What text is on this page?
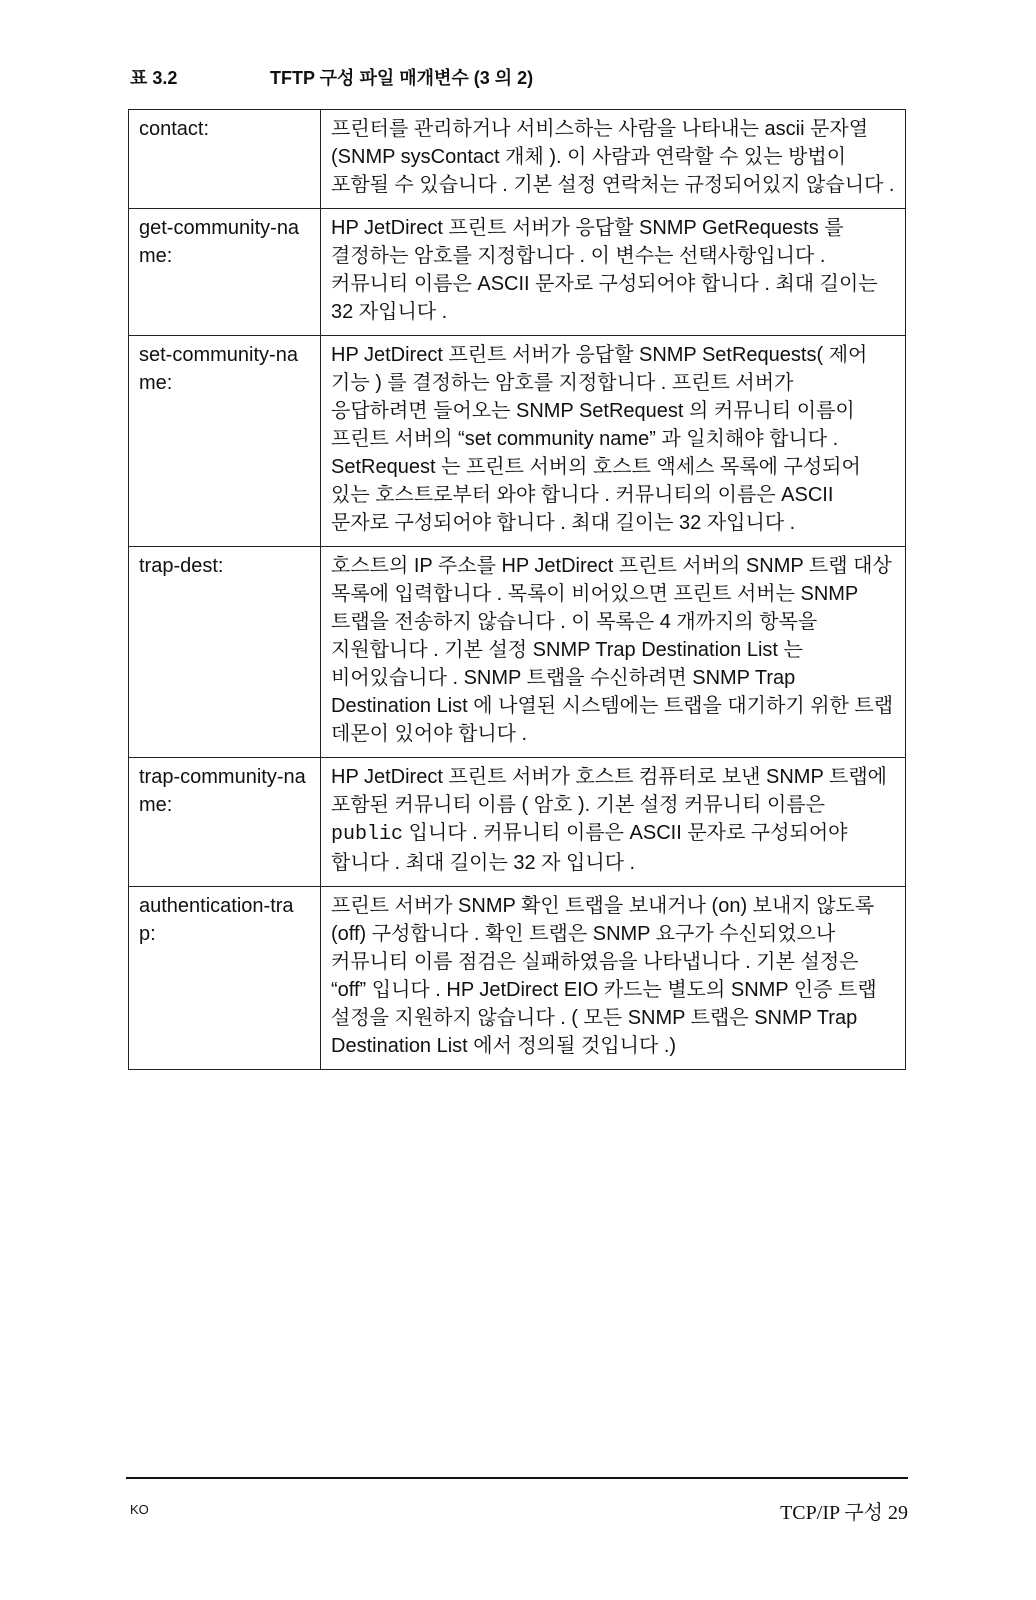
표 3.2	TFTP 구성 파일 매개변수 (3 의 2)
contact:	프린터를 관리하거나 서비스하는 사람을 나타내는 ascii 문자열 (SNMP sysContact 개체 ). 이 사람과 연락할 수 있는 방법이 포함될 수 있습니다 . 기본 설정 연락처는 규정되어있지 않습니다 .
get-community-name:	HP JetDirect 프린트 서버가 응답할 SNMP GetRequests 를 결정하는 암호를 지정합니다 . 이 변수는 선택사항입니다 . 커뮤니티 이름은 ASCII 문자로 구성되어야 합니다 . 최대 길이는 32 자입니다 .
set-community-name:	HP JetDirect 프린트 서버가 응답할 SNMP SetRequests( 제어 기능 ) 를 결정하는 암호를 지정합니다 . 프린트 서버가 응답하려면 들어오는 SNMP SetRequest 의 커뮤니티 이름이 프린트 서버의 “set community name” 과 일치해야 합니다 . SetRequest 는 프린트 서버의 호스트 액세스 목록에 구성되어 있는 호스트로부터 와야 합니다 . 커뮤니티의 이름은 ASCII 문자로 구성되어야 합니다 . 최대 길이는 32 자입니다 .
trap-dest:	호스트의 IP 주소를 HP JetDirect 프린트 서버의 SNMP 트랩 대상 목록에 입력합니다 . 목록이 비어있으면 프린트 서버는 SNMP 트랩을 전송하지 않습니다 . 이 목록은 4 개까지의 항목을 지원합니다 . 기본 설정 SNMP Trap Destination List 는 비어있습니다 . SNMP 트랩을 수신하려면 SNMP Trap Destination List 에 나열된 시스템에는 트랩을 대기하기 위한 트랩 데몬이 있어야 합니다 .
trap-community-name:	HP JetDirect 프린트 서버가 호스트 컴퓨터로 보낸 SNMP 트랩에 포함된 커뮤니티 이름 ( 암호 ). 기본 설정 커뮤니티 이름은 public 입니다 . 커뮤니티 이름은 ASCII 문자로 구성되어야 합니다 . 최대 길이는 32 자 입니다 .
authentication-trap:	프린트 서버가 SNMP 확인 트랩을 보내거나 (on) 보내지 않도록 (off) 구성합니다 . 확인 트랩은 SNMP 요구가 수신되었으나 커뮤니티 이름 점검은 실패하였음을 나타냅니다 . 기본 설정은 “off” 입니다 . HP JetDirect EIO 카드는 별도의 SNMP 인증 트랩 설정을 지원하지 않습니다 . ( 모든 SNMP 트랩은 SNMP Trap Destination List 에서 정의될 것입니다 .)
KO	TCP/IP 구성 29
